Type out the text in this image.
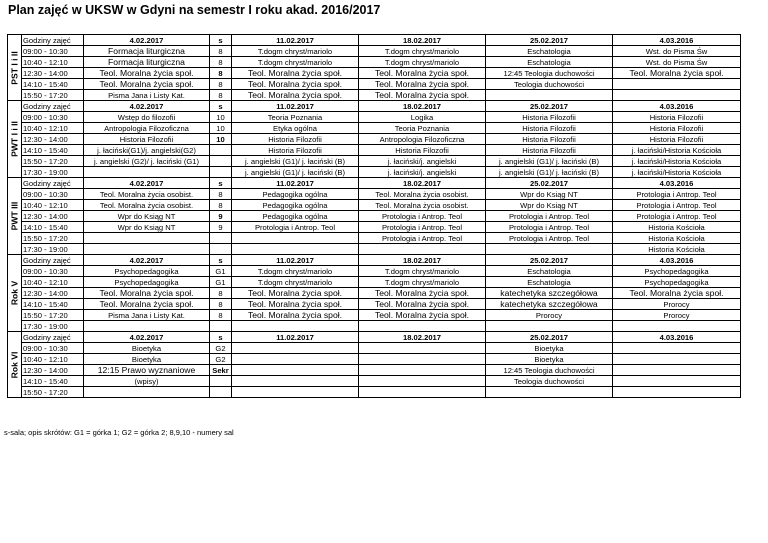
Plan zajęć w UKSW w Gdyni na semestr I roku akad. 2016/2017
PST I i II	Godziny zajęć	4.02.2017	s	11.02.2017	18.02.2017	25.02.2017	4.03.2016
	09:00 - 10:30	Formacja liturgiczna	8	T.dogm chryst/mariolo	T.dogm chryst/mariolo	Eschatologia	Wst. do Pisma Św
	10:40 - 12:10	Formacja liturgiczna	8	T.dogm chryst/mariolo	T.dogm chryst/mariolo	Eschatologia	Wst. do Pisma Św
	12:30 - 14:00	Teol. Moralna życia społ.	8	Teol. Moralna życia społ.	Teol. Moralna życia społ.	12:45 Teologia duchowości	Teol. Moralna życia społ.
	14:10 - 15:40	Teol. Moralna życia społ.	8	Teol. Moralna życia społ.	Teol. Moralna życia społ.	Teologia duchowości	
	15:50 - 17:20	Pisma Jana i Listy Kat.	8	Teol. Moralna życia społ.	Teol. Moralna życia społ.		

PWT I i II	Godziny zajęć	4.02.2017	s	11.02.2017	18.02.2017	25.02.2017	4.03.2016
	09:00 - 10:30	Wstęp do filozofii	10	Teoria Poznania	Logika	Historia Filozofii	Historia Filozofii
	10:40 - 12:10	Antropologia Filozoficzna	10	Etyka ogólna	Teoria Poznania	Historia Filozofii	Historia Filozofii
	12:30 - 14:00	Historia Filozofii	10	Historia Filozofii	Antropologia Filozoficzna	Historia Filozofii	Historia Filozofii
	14:10 - 15:40	j. łaciński(G1)/j. angielski(G2)		Historia Filozofii	Historia Filozofii	Historia Filozofii	j. łaciński/Historia Kościoła
	15:50 - 17:20	j. angielski (G2)/ j. łaciński (G1)		j. angielski (G1)/ j. łaciński (B)	j. łaciński/j. angielski	j. angielski (G1)/ j. łaciński (B)	j. łaciński/Historia Kościoła
	17:30 - 19:00			j. angielski (G1)/ j. łaciński (B)	j. łaciński/j. angielski	j. angielski (G1)/ j. łaciński (B)	j. łaciński/Historia Kościoła

PWT III	Godziny zajęć	4.02.2017	s	11.02.2017	18.02.2017	25.02.2017	4.03.2016
	09:00 - 10:30	Teol. Moralna życia osobist.	8	Pedagogika ogólna	Teol. Moralna życia osobist.	Wpr do Ksiąg NT	Protologia i Antrop. Teol
	10:40 - 12:10	Teol. Moralna życia osobist.	8	Pedagogika ogólna	Teol. Moralna życia osobist.	Wpr do Ksiąg NT	Protologia i Antrop. Teol
	12:30 - 14:00	Wpr do Ksiąg NT	9	Pedagogika ogólna	Protologia i Antrop. Teol	Protologia i Antrop. Teol	Protologia i Antrop. Teol
	14:10 - 15:40	Wpr do Ksiąg NT	9	Protologia i Antrop. Teol	Protologia i Antrop. Teol	Protologia i Antrop. Teol	Historia Kościoła
	15:50 - 17:20				Protologia i Antrop. Teol	Protologia i Antrop. Teol	Historia Kościoła
	17:30 - 19:00						Historia Kościoła

Rok V	Godziny zajęć	4.02.2017	s	11.02.2017	18.02.2017	25.02.2017	4.03.2016
	09:00 - 10:30	Psychopedagogika	G1	T.dogm chryst/mariolo	T.dogm chryst/mariolo	Eschatologia	Psychopedagogika
	10:40 - 12:10	Psychopedagogika	G1	T.dogm chryst/mariolo	T.dogm chryst/mariolo	Eschatologia	Psychopedagogika
	12:30 - 14:00	Teol. Moralna życia społ.	8	Teol. Moralna życia społ.	Teol. Moralna życia społ.	katechetyka szczegółowa	Teol. Moralna życia społ.
	14:10 - 15:40	Teol. Moralna życia społ.	8	Teol. Moralna życia społ.	Teol. Moralna życia społ.	katechetyka szczegółowa	Prorocy
	15:50 - 17:20	Pisma Jana i Listy Kat.	8	Teol. Moralna życia społ.	Teol. Moralna życia społ.	Prorocy	Prorocy
	17:30 - 19:00						

Rok VI	Godziny zajęć	4.02.2017	s	11.02.2017	18.02.2017	25.02.2017	4.03.2016
	09:00 - 10:30	Bioetyka	G2			Bioetyka	
	10:40 - 12:10	Bioetyka	G2			Bioetyka	
	12:30 - 14:00	12:15 Prawo wyznaniowe	Sekr			12:45 Teologia duchowości	
	14:10 - 15:40	(wpisy)				Teologia duchowości	
	15:50 - 17:20						
s-sala; opis skrótów: G1 = górka 1; G2 = górka 2; 8,9,10 - numery sal
